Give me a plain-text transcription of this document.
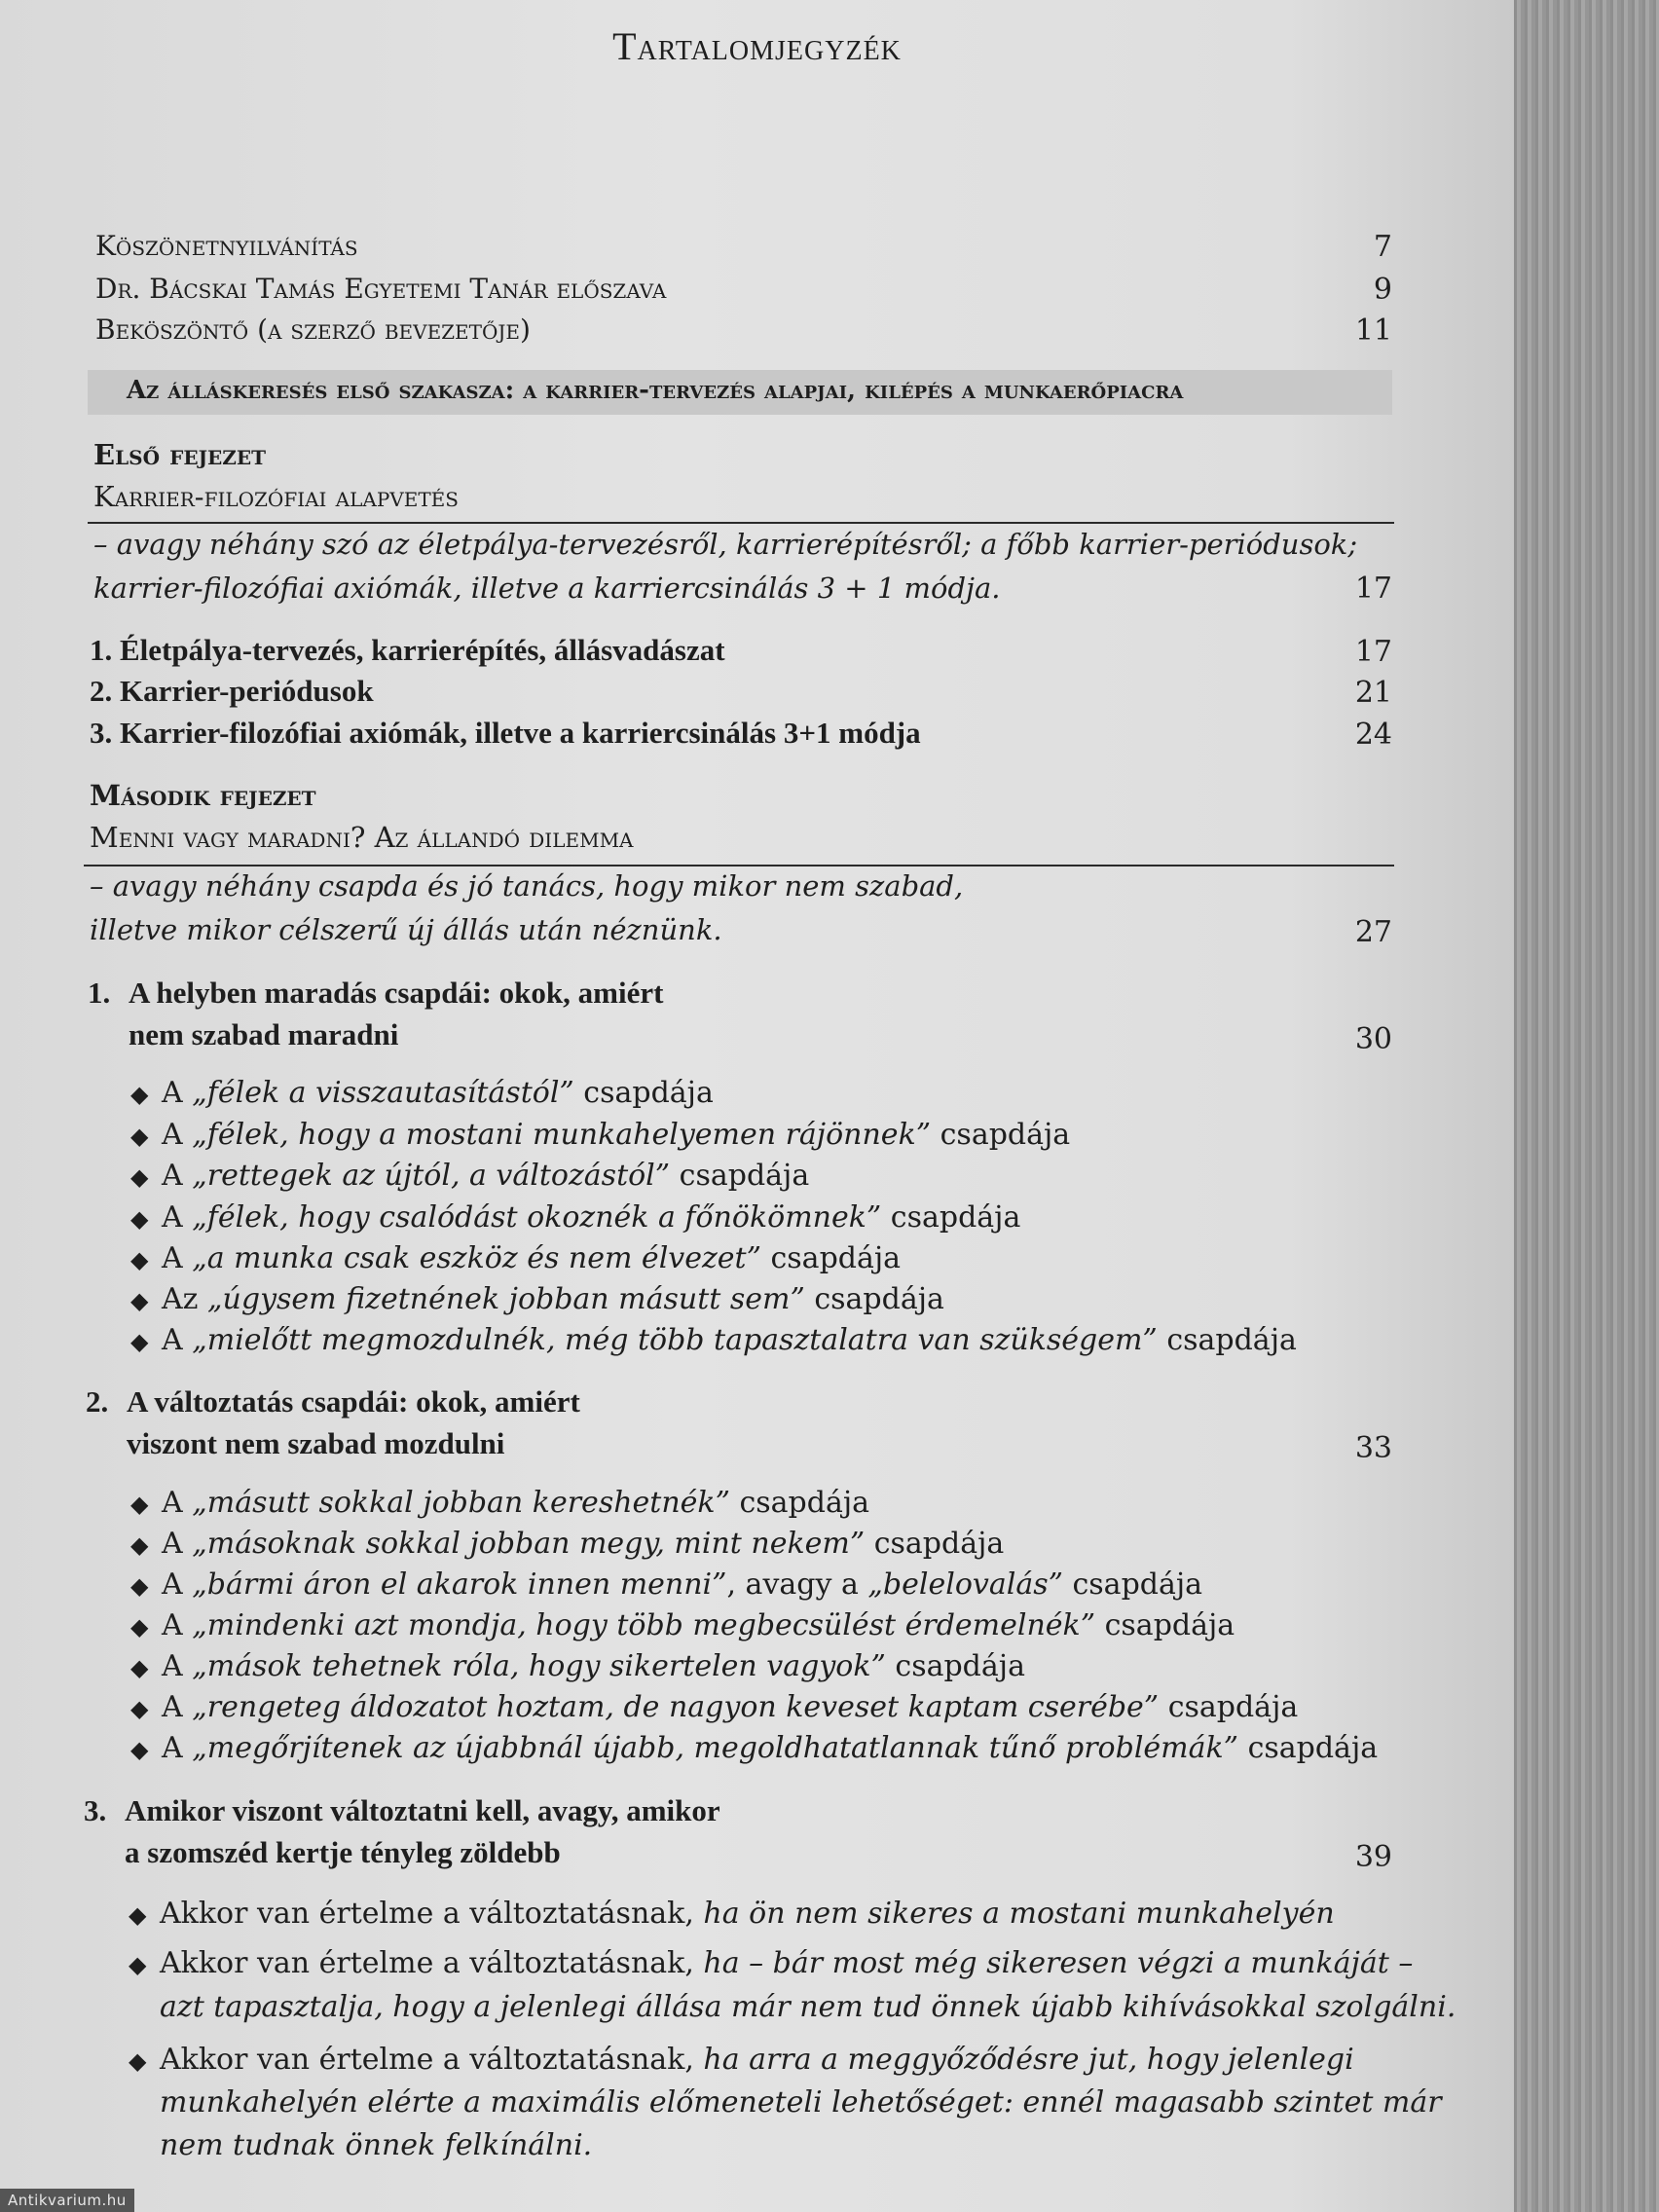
Tartalomjegyzék
Köszönetnyilvánítás	7
Dr. Bácskai Tamás Egyetemi Tanár előszava	9
Beköszöntő (a szerző bevezetője)	11
Az álláskeresés első szakasza: a karrier-tervezés alapjai, kilépés a munkaerőpiacra
Első fejezet
Karrier-filozófiai alapvetés
– avagy néhány szó az életpálya-tervezésről, karrierépítésről; a főbb karrier-periódusok;
karrier-filozófiai axiómák, illetve a karriercsinálás 3 + 1 módja.	17
1. Életpálya-tervezés, karrierépítés, állásvadászat	17
2. Karrier-periódusok	21
3. Karrier-filozófiai axiómák, illetve a karriercsinálás 3+1 módja	24
Második fejezet
Menni vagy maradni? Az állandó dilemma
– avagy néhány csapda és jó tanács, hogy mikor nem szabad,
illetve mikor célszerű új állás után néznünk.	27
1. A helyben maradás csapdái: okok, amiért
nem szabad maradni	30
◆ A „félek a visszautasítástól” csapdája
◆ A „félek, hogy a mostani munkahelyemen rájönnek” csapdája
◆ A „rettegek az újtól, a változástól” csapdája
◆ A „félek, hogy csalódást okoznék a főnökömnek” csapdája
◆ A „a munka csak eszköz és nem élvezet” csapdája
◆ Az „úgysem fizetnének jobban másutt sem” csapdája
◆ A „mielőtt megmozdulnék, még több tapasztalatra van szükségem” csapdája
2. A változtatás csapdái: okok, amiért
viszont nem szabad mozdulni	33
◆ A „másutt sokkal jobban kereshetnék” csapdája
◆ A „másoknak sokkal jobban megy, mint nekem” csapdája
◆ A „bármi áron el akarok innen menni”, avagy a „belelovalás” csapdája
◆ A „mindenki azt mondja, hogy több megbecsülést érdemelnék” csapdája
◆ A „mások tehetnek róla, hogy sikertelen vagyok” csapdája
◆ A „rengeteg áldozatot hoztam, de nagyon keveset kaptam cserébe” csapdája
◆ A „megőrjítenek az újabbnál újabb, megoldhatatlannak tűnő problémák” csapdája
3. Amikor viszont változtatni kell, avagy, amikor
a szomszéd kertje tényleg zöldebb	39
◆ Akkor van értelme a változtatásnak, ha ön nem sikeres a mostani munkahelyén
◆ Akkor van értelme a változtatásnak, ha – bár most még sikeresen végzi a munkáját –
azt tapasztalja, hogy a jelenlegi állása már nem tud önnek újabb kihívásokkal szolgálni.
◆ Akkor van értelme a változtatásnak, ha arra a meggyőződésre jut, hogy jelenlegi
munkahelyén elérte a maximális előmeneteli lehetőséget: ennél magasabb szintet már
nem tudnak önnek felkínálni.
Antikvarium.hu
